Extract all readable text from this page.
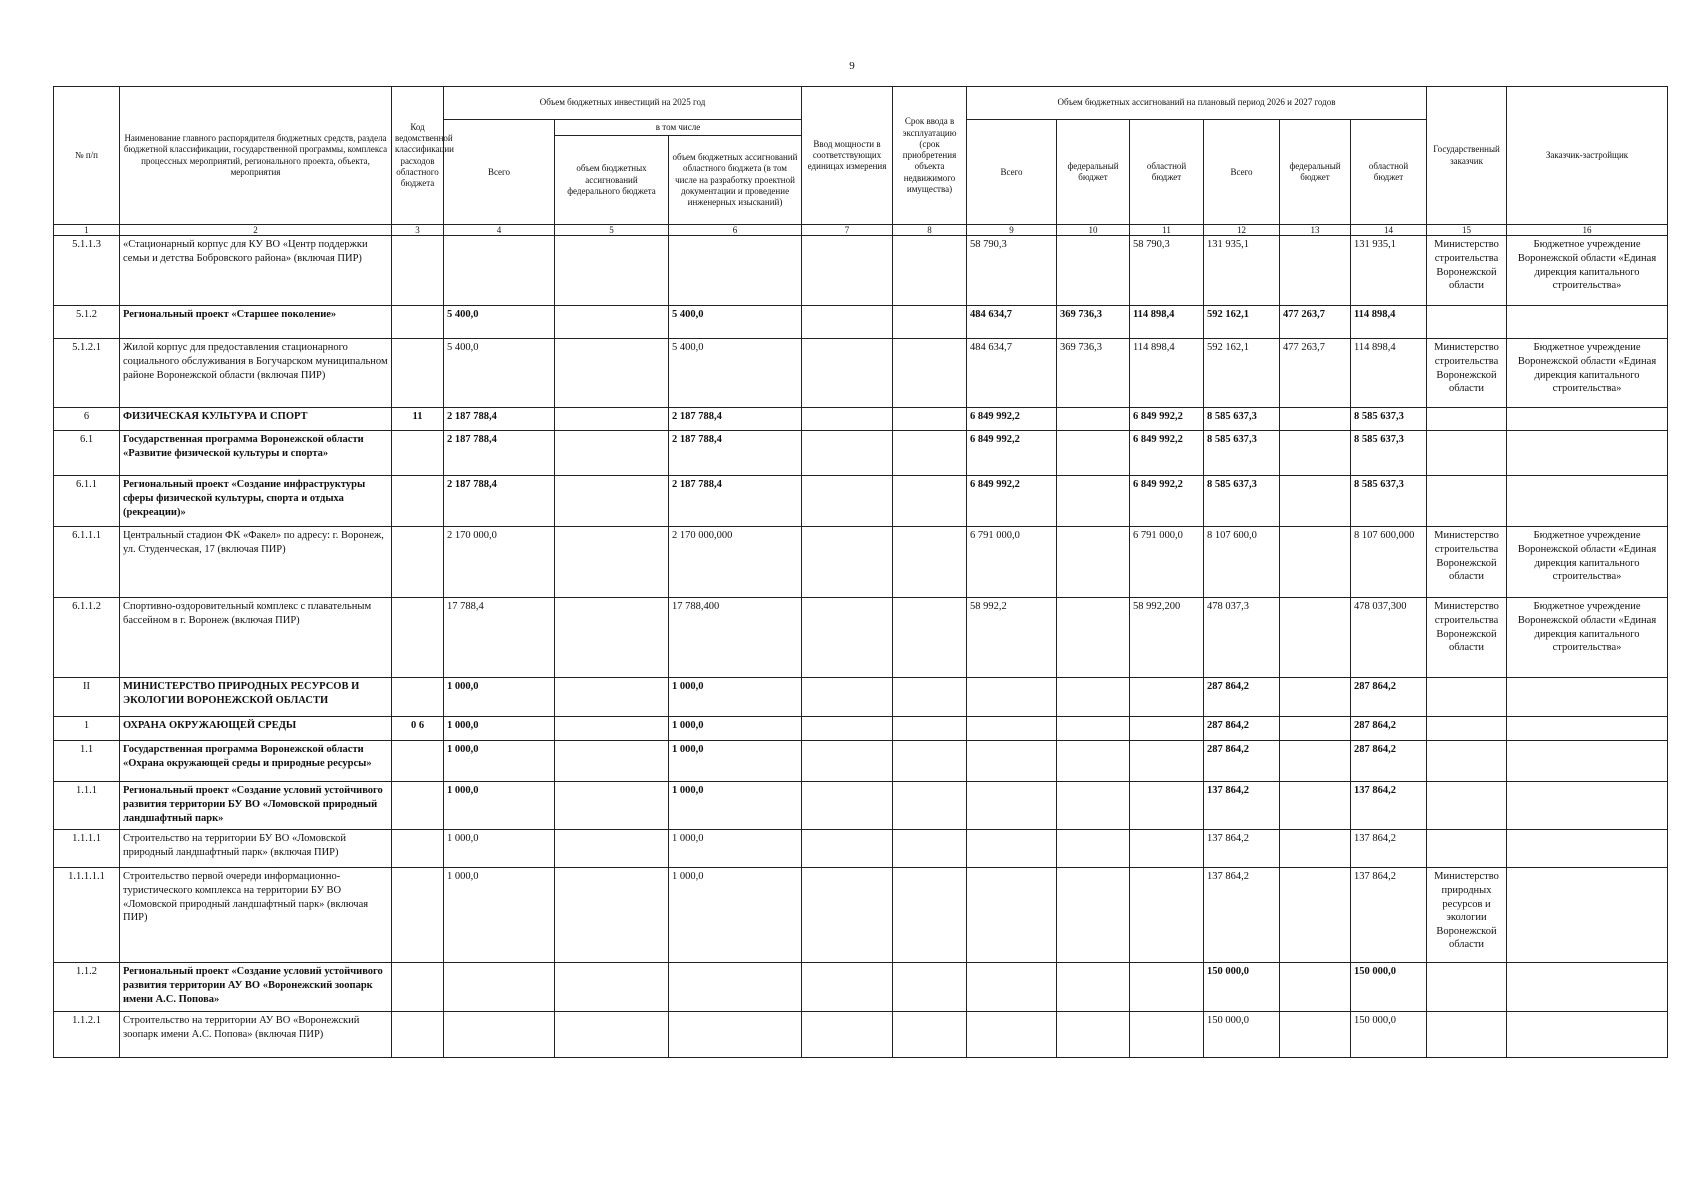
9
№ п/п	Наименование главного распорядителя бюджетных средств, раздела бюджетной классификации, государственной программы, комплекса процессных мероприятий, регионального проекта, объекта, мероприятия	Код ведомственной классификации расходов областного бюджета	Объем бюджетных инвестиций на 2025 год			Ввод мощности в соответствующих единицах измерения	Срок ввода в эксплуатацию (срок приобретения объекта недвижимого имущества)	Объем бюджетных ассигнований на плановый период 2026 и 2027 годов						Государственный заказчик	Заказчик-застройщик
			Всего	в том числе				Всего	федеральный бюджет	областной бюджет	Всего	федеральный бюджет	областной бюджет		
				объем бюджетных ассигнований федерального бюджета	объем бюджетных ассигнований областного бюджета (в том числе на разработку проектной документации и проведение инженерных изысканий)										
1	2	3	4	5	6	7	8	9	10	11	12	13	14	15	16
5.1.1.3	«Стационарный корпус для КУ ВО «Центр поддержки семьи и детства Бобровского района» (включая ПИР)							58 790,3		58 790,3	131 935,1		131 935,1	Министерство строительства Воронежской области	Бюджетное учреждение Воронежской области «Единая дирекция капитального строительства»
5.1.2	Региональный проект «Старшее поколение»		5 400,0		5 400,0			484 634,7	369 736,3	114 898,4	592 162,1	477 263,7	114 898,4		
5.1.2.1	Жилой корпус для предоставления стационарного социального обслуживания в Богучарском муниципальном районе Воронежской области (включая ПИР)		5 400,0		5 400,0			484 634,7	369 736,3	114 898,4	592 162,1	477 263,7	114 898,4	Министерство строительства Воронежской области	Бюджетное учреждение Воронежской области «Единая дирекция капитального строительства»
6	ФИЗИЧЕСКАЯ КУЛЬТУРА И СПОРТ	11	2 187 788,4		2 187 788,4			6 849 992,2		6 849 992,2	8 585 637,3		8 585 637,3		
6.1	Государственная программа Воронежской области «Развитие физической культуры и спорта»		2 187 788,4		2 187 788,4			6 849 992,2		6 849 992,2	8 585 637,3		8 585 637,3		
6.1.1	Региональный проект «Создание инфраструктуры сферы физической культуры, спорта и отдыха (рекреации)»		2 187 788,4		2 187 788,4			6 849 992,2		6 849 992,2	8 585 637,3		8 585 637,3		
6.1.1.1	Центральный стадион ФК «Факел» по адресу: г. Воронеж, ул. Студенческая, 17 (включая ПИР)		2 170 000,0		2 170 000,000			6 791 000,0		6 791 000,0	8 107 600,0		8 107 600,000	Министерство строительства Воронежской области	Бюджетное учреждение Воронежской области «Единая дирекция капитального строительства»
6.1.1.2	Спортивно-оздоровительный комплекс с плавательным бассейном в г. Воронеж (включая ПИР)		17 788,4		17 788,400			58 992,2		58 992,200	478 037,3		478 037,300	Министерство строительства Воронежской области	Бюджетное учреждение Воронежской области «Единая дирекция капитального строительства»
II	МИНИСТЕРСТВО ПРИРОДНЫХ РЕСУРСОВ И ЭКОЛОГИИ ВОРОНЕЖСКОЙ ОБЛАСТИ		1 000,0		1 000,0						287 864,2		287 864,2		
1	ОХРАНА ОКРУЖАЮЩЕЙ СРЕДЫ	0 6	1 000,0		1 000,0						287 864,2		287 864,2		
1.1	Государственная программа Воронежской области «Охрана окружающей среды и природные ресурсы»		1 000,0		1 000,0						287 864,2		287 864,2		
1.1.1	Региональный проект «Создание условий устойчивого развития территории БУ ВО «Ломовской природный ландшафтный парк»		1 000,0		1 000,0						137 864,2		137 864,2		
1.1.1.1	Строительство на территории БУ ВО «Ломовской природный ландшафтный парк» (включая ПИР)		1 000,0		1 000,0						137 864,2		137 864,2		
1.1.1.1.1	Строительство первой очереди информационно-туристического комплекса на территории БУ ВО «Ломовской природный ландшафтный парк» (включая ПИР)		1 000,0		1 000,0						137 864,2		137 864,2	Министерство природных ресурсов и экологии Воронежской области	
1.1.2	Региональный проект «Создание условий устойчивого развития территории АУ ВО «Воронежский зоопарк имени А.С. Попова»										150 000,0		150 000,0		
1.1.2.1	Строительство на территории АУ ВО «Воронежский зоопарк имени А.С. Попова» (включая ПИР)										150 000,0		150 000,0		
